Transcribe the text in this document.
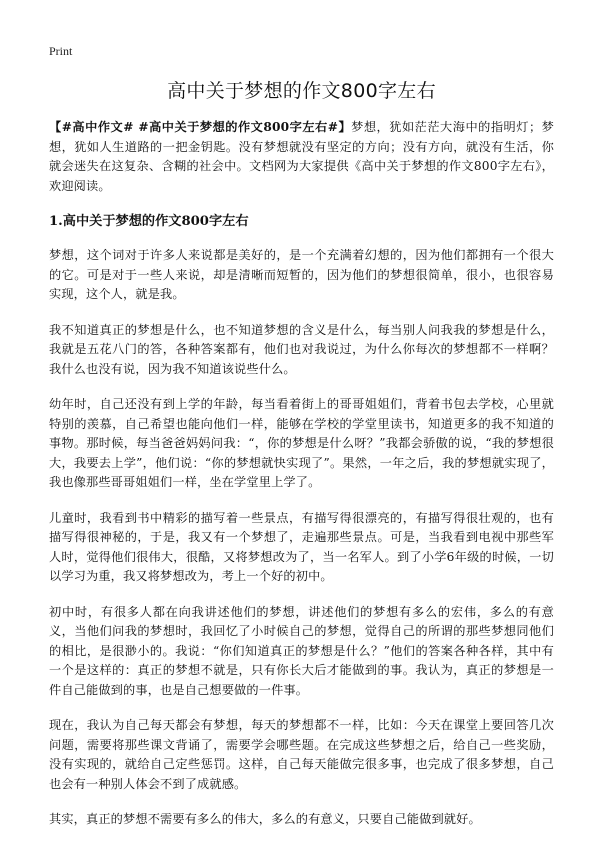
Print
高中关于梦想的作文800字左右

【#高中作文# #高中关于梦想的作文800字左右#】梦想，犹如茫茫大海中的指明灯；梦想，犹如人生道路的一把金钥匙。没有梦想就没有坚定的方向；没有方向，就没有生活，你就会迷失在这复杂、含糊的社会中。文档网为大家提供《高中关于梦想的作文800字左右》，欢迎阅读。

1.高中关于梦想的作文800字左右

梦想，这个词对于许多人来说都是美好的，是一个充满着幻想的，因为他们都拥有一个很大的它。可是对于一些人来说，却是清晰而短暂的，因为他们的梦想很简单，很小，也很容易实现，这个人，就是我。

我不知道真正的梦想是什么，也不知道梦想的含义是什么，每当别人问我我的梦想是什么，我就是五花八门的答，各种答案都有，他们也对我说过，为什么你每次的梦想都不一样啊？我什么也没有说，因为我不知道该说些什么。

幼年时，自己还没有到上学的年龄，每当看着街上的哥哥姐姐们，背着书包去学校，心里就特别的羡慕，自己希望也能向他们一样，能够在学校的学堂里读书，知道更多的我不知道的事物。那时候，每当爸爸妈妈问我：“，你的梦想是什么呀？”我都会骄傲的说，“我的梦想很大，我要去上学”，他们说：“你的梦想就快实现了”。果然，一年之后，我的梦想就实现了，我也像那些哥哥姐姐们一样，坐在学堂里上学了。

儿童时，我看到书中精彩的描写着一些景点，有描写得很漂亮的，有描写得很壮观的，也有描写得很神秘的，于是，我又有一个梦想了，走遍那些景点。可是，当我看到电视中那些军人时，觉得他们很伟大，很酷，又将梦想改为了，当一名军人。到了小学6年级的时候，一切以学习为重，我又将梦想改为，考上一个好的初中。

初中时，有很多人都在向我讲述他们的梦想，讲述他们的梦想有多么的宏伟，多么的有意义，当他们问我的梦想时，我回忆了小时候自己的梦想，觉得自己的所谓的那些梦想同他们的相比，是很渺小的。我说：“你们知道真正的梦想是什么？”他们的答案各种各样，其中有一个是这样的：真正的梦想不就是，只有你长大后才能做到的事。我认为，真正的梦想是一件自己能做到的事，也是自己想要做的一件事。

现在，我认为自己每天都会有梦想，每天的梦想都不一样，比如：今天在课堂上要回答几次问题，需要将那些课文背诵了，需要学会哪些题。在完成这些梦想之后，给自己一些奖励，没有实现的，就给自己定些惩罚。这样，自己每天能做完很多事，也完成了很多梦想，自己也会有一种别人体会不到了成就感。

其实，真正的梦想不需要有多么的伟大，多么的有意义，只要自己能做到就好。
